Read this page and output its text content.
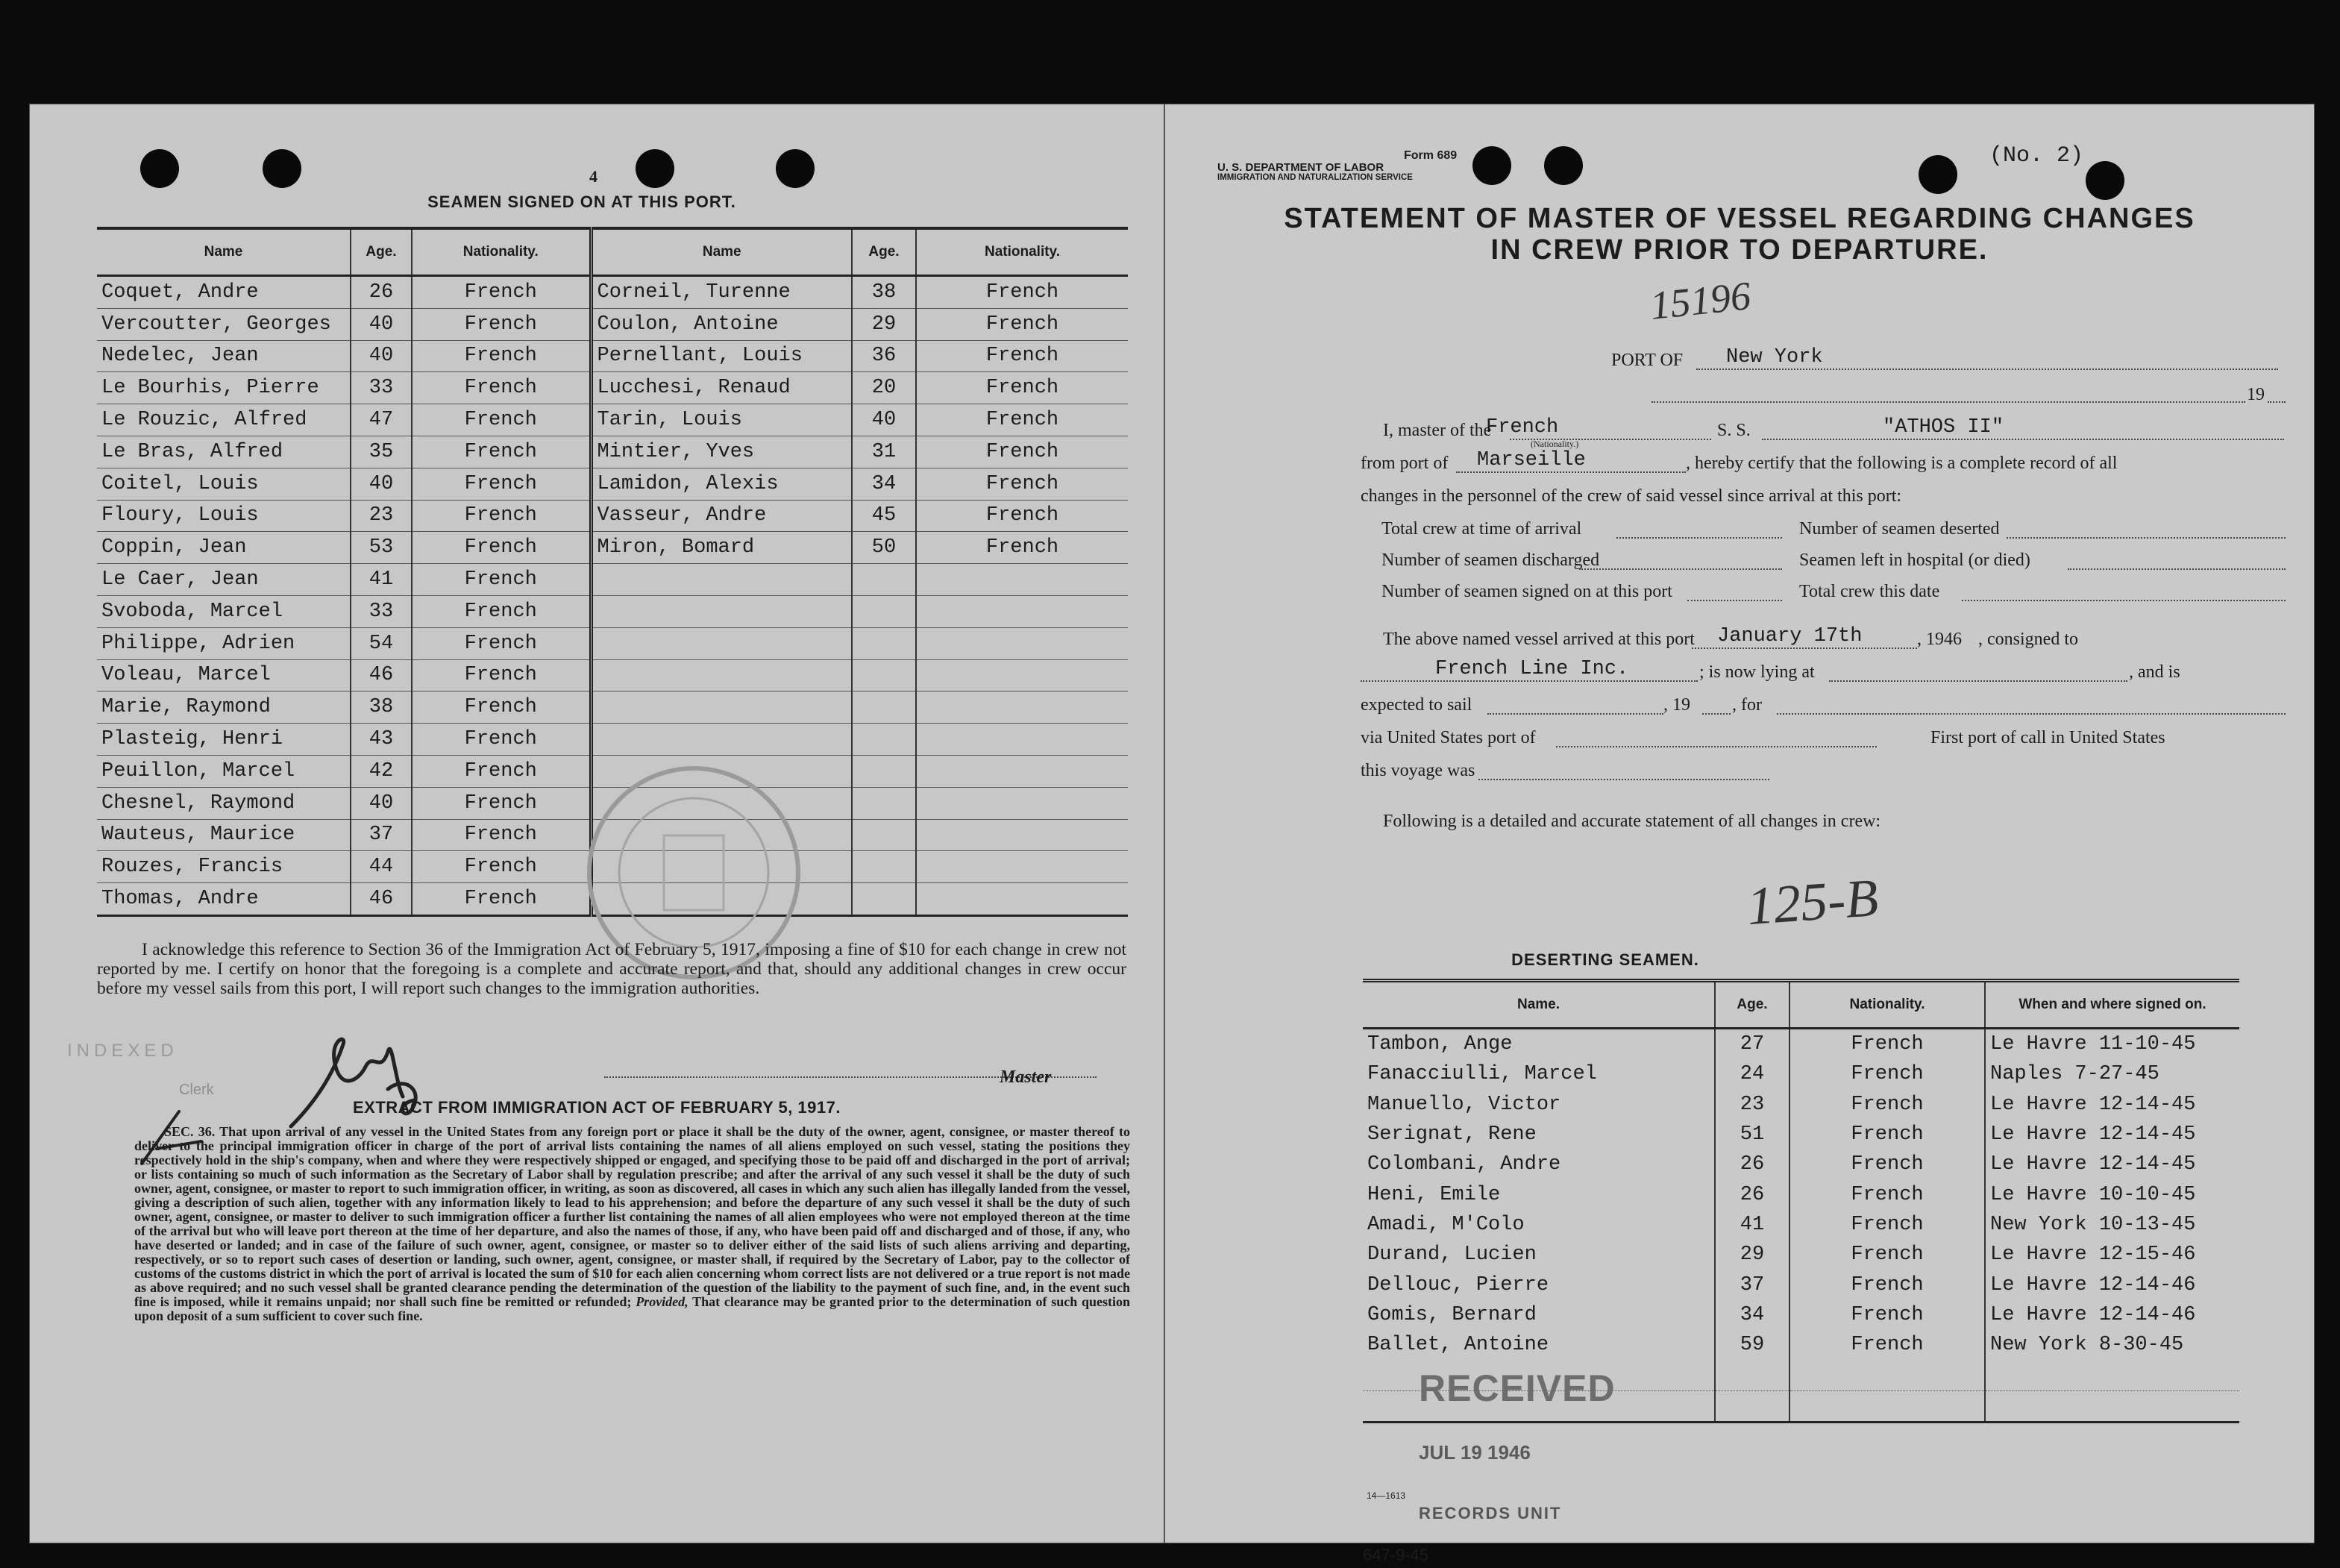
4
SEAMEN SIGNED ON AT THIS PORT.
Name	Age.	Nationality.	Name	Age.	Nationality.
Coquet, Andre	26	French	Corneil, Turenne	38	French
Vercoutter, Georges	40	French	Coulon, Antoine	29	French
Nedelec, Jean	40	French	Pernellant, Louis	36	French
Le Bourhis, Pierre	33	French	Lucchesi, Renaud	20	French
Le Rouzic, Alfred	47	French	Tarin, Louis	40	French
Le Bras, Alfred	35	French	Mintier, Yves	31	French
Coitel, Louis	40	French	Lamidon, Alexis	34	French
Floury, Louis	23	French	Vasseur, Andre	45	French
Coppin, Jean	53	French	Miron, Bomard	50	French
Le Caer, Jean	41	French			
Svoboda, Marcel	33	French			
Philippe, Adrien	54	French			
Voleau, Marcel	46	French			
Marie, Raymond	38	French			
Plasteig, Henri	43	French			
Peuillon, Marcel	42	French			
Chesnel, Raymond	40	French			
Wauteus, Maurice	37	French			
Rouzes, Francis	44	French			
Thomas, Andre	46	French			
I acknowledge this reference to Section 36 of the Immigration Act of February 5, 1917, imposing a fine of $10 for each change in crew not reported by me. I certify on honor that the foregoing is a complete and accurate report, and that, should any additional changes in crew occur before my vessel sails from this port, I will report such changes to the immigration authorities.
INDEXED
Clerk
Master
EXTRACT FROM IMMIGRATION ACT OF FEBRUARY 5, 1917.
SEC. 36. That upon arrival of any vessel in the United States from any foreign port or place it shall be the duty of the owner, agent, consignee, or master thereof to deliver to the principal immigration officer in charge of the port of arrival lists containing the names of all aliens employed on such vessel, stating the positions they respectively hold in the ship's company, when and where they were respectively shipped or engaged, and specifying those to be paid off and discharged in the port of arrival; or lists containing so much of such information as the Secretary of Labor shall by regulation prescribe; and after the arrival of any such vessel it shall be the duty of such owner, agent, consignee, or master to report to such immigration officer, in writing, as soon as discovered, all cases in which any such alien has illegally landed from the vessel, giving a description of such alien, together with any information likely to lead to his apprehension; and before the departure of any such vessel it shall be the duty of such owner, agent, consignee, or master to deliver to such immigration officer a further list containing the names of all alien employees who were not employed thereon at the time of the arrival but who will leave port thereon at the time of her departure, and also the names of those, if any, who have been paid off and discharged and of those, if any, who have deserted or landed; and in case of the failure of such owner, agent, consignee, or master so to deliver either of the said lists of such aliens arriving and departing, respectively, or so to report such cases of desertion or landing, such owner, agent, consignee, or master shall, if required by the Secretary of Labor, pay to the collector of customs of the customs district in which the port of arrival is located the sum of $10 for each alien concerning whom correct lists are not delivered or a true report is not made as above required; and no such vessel shall be granted clearance pending the determination of the question of the liability to the payment of such fine, and, in the event such fine is imposed, while it remains unpaid; nor shall such fine be remitted or refunded; Provided, That clearance may be granted prior to the determination of such question upon deposit of a sum sufficient to cover such fine.
Form 689
U. S. DEPARTMENT OF LABOR
IMMIGRATION AND NATURALIZATION SERVICE
(No. 2)
STATEMENT OF MASTER OF VESSEL REGARDING CHANGES
IN CREW PRIOR TO DEPARTURE.
15196
PORT OF New York
19
I, master of the
French
(Nationality.)
S. S.	"ATHOS II"
from port of Marseille	, hereby certify that the following is a complete record of all
changes in the personnel of the crew of said vessel since arrival at this port:
Total crew at time of arrival	Number of seamen deserted
Number of seamen discharged	Seamen left in hospital (or died)
Number of seamen signed on at this port	Total crew this date
The above named vessel arrived at this port January 17th	, 1946 , consigned to
French Line Inc.	; is now lying at	, and is
expected to sail	, 19 , for
via United States port of	First port of call in United States
this voyage was
125-B
Following is a detailed and accurate statement of all changes in crew:
DESERTING SEAMEN.
Name.	Age.	Nationality.	When and where signed on.
Tambon, Ange	27	French	Le Havre 11-10-45
Fanacciulli, Marcel	24	French	Naples 7-27-45
Manuello, Victor	23	French	Le Havre 12-14-45
Serignat, Rene	51	French	Le Havre 12-14-45
Colombani, Andre	26	French	Le Havre 12-14-45
Heni, Emile	26	French	Le Havre 10-10-45
Amadi, M'Colo	41	French	New York 10-13-45
Durand, Lucien	29	French	Le Havre 12-15-46
Dellouc, Pierre	37	French	Le Havre 12-14-46
Gomis, Bernard	34	French	Le Havre 12-14-46
Ballet, Antoine	59	French	New York 8-30-45

RECEIVED
JUL 19 1946
14—1613
RECORDS UNIT
647-9-45
